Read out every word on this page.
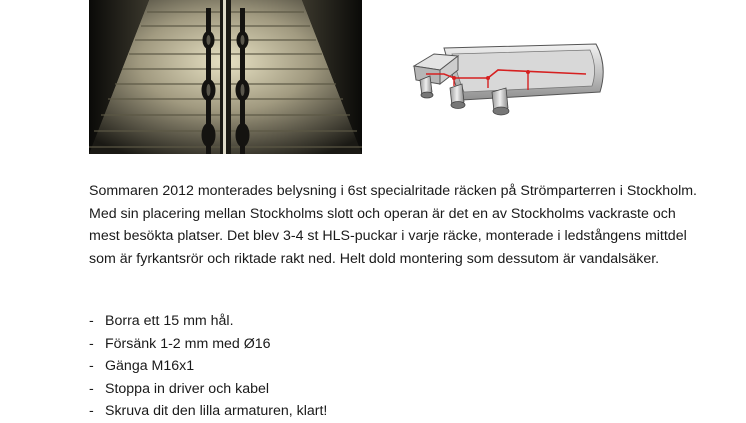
Sommaren 2012 monterades belysning i 6st specialritade räcken på Strömparterren i Stockholm. Med sin placering mellan Stockholms slott och operan är det en av Stockholms vackraste och mest besökta platser. Det blev 3-4 st HLS-puckar i varje räcke, monterade i ledstångens mittdel som är fyrkantsrör och riktade rakt ned. Helt dold montering som dessutom är vandalsäker.

- Borra ett 15 mm hål.
- Försänk 1-2 mm med Ø16
- Gänga M16x1
- Stoppa in driver och kabel
- Skruva dit den lilla armaturen, klart!
